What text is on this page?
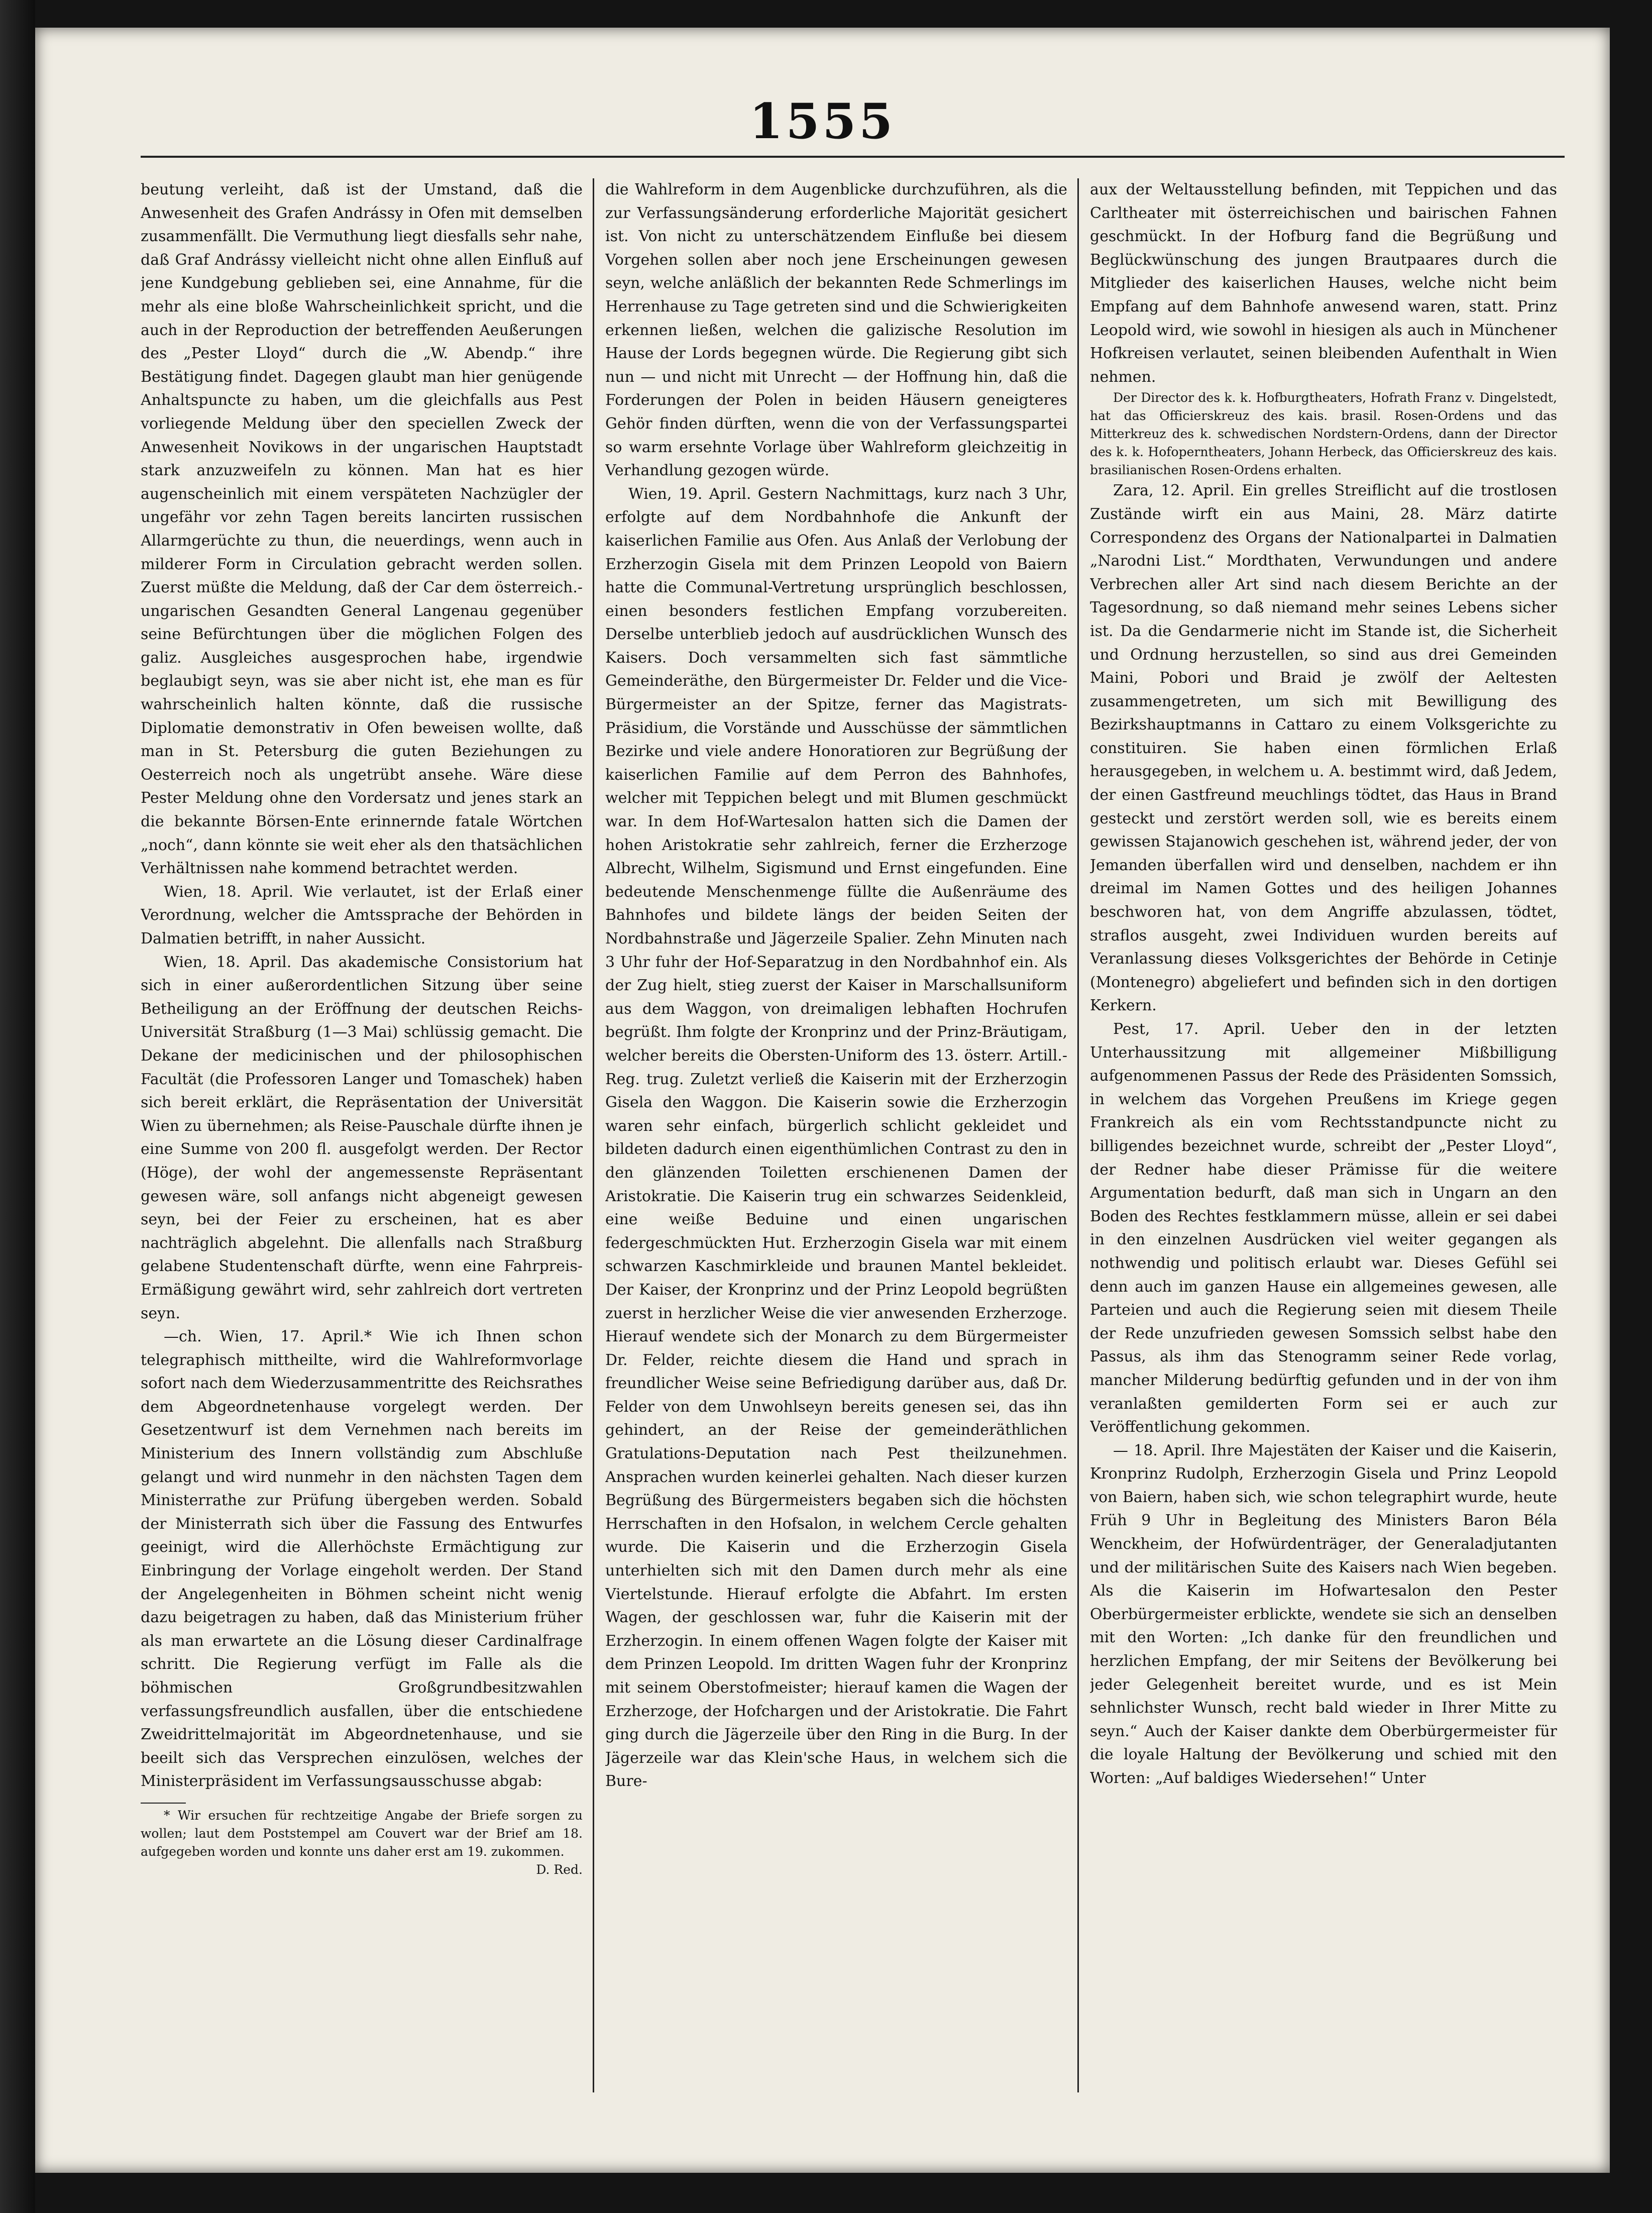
1555

beutung verleiht, daß ist der Umstand, daß die Anwesenheit des Grafen Andrássy in Ofen mit demselben zusammenfällt. Die Vermuthung liegt diesfalls sehr nahe, daß Graf Andrássy vielleicht nicht ohne allen Einfluß auf jene Kundgebung geblieben sei, eine Annahme, für die mehr als eine bloße Wahrscheinlichkeit spricht, und die auch in der Reproduction der betreffenden Aeußerungen des „Pester Lloyd“ durch die „W. Abendp.“ ihre Bestätigung findet. Dagegen glaubt man hier genügende Anhaltspuncte zu haben, um die gleichfalls aus Pest vorliegende Meldung über den speciellen Zweck der Anwesenheit Novikows in der ungarischen Hauptstadt stark anzuzweifeln zu können. Man hat es hier augenscheinlich mit einem verspäteten Nachzügler der ungefähr vor zehn Tagen bereits lancirten russischen Allarmgerüchte zu thun, die neuerdings, wenn auch in milderer Form in Circulation gebracht werden sollen. Zuerst müßte die Meldung, daß der Car dem österreich.-ungarischen Gesandten General Langenau gegenüber seine Befürchtungen über die möglichen Folgen des galiz. Ausgleiches ausgesprochen habe, irgendwie beglaubigt seyn, was sie aber nicht ist, ehe man es für wahrscheinlich halten könnte, daß die russische Diplomatie demonstrativ in Ofen beweisen wollte, daß man in St. Petersburg die guten Beziehungen zu Oesterreich noch als ungetrübt ansehe. Wäre diese Pester Meldung ohne den Vordersatz und jenes stark an die bekannte Börsen-Ente erinnernde fatale Wörtchen „noch“, dann könnte sie weit eher als den thatsächlichen Verhältnissen nahe kommend betrachtet werden.

Wien, 18. April. Wie verlautet, ist der Erlaß einer Verordnung, welcher die Amtssprache der Behörden in Dalmatien betrifft, in naher Aussicht.

Wien, 18. April. Das akademische Consistorium hat sich in einer außerordentlichen Sitzung über seine Betheiligung an der Eröffnung der deutschen Reichs-Universität Straßburg (1—3 Mai) schlüssig gemacht. Die Dekane der medicinischen und der philosophischen Facultät (die Professoren Langer und Tomaschek) haben sich bereit erklärt, die Repräsentation der Universität Wien zu übernehmen; als Reise-Pauschale dürfte ihnen je eine Summe von 200 fl. ausgefolgt werden. Der Rector (Höge), der wohl der angemessenste Repräsentant gewesen wäre, soll anfangs nicht abgeneigt gewesen seyn, bei der Feier zu erscheinen, hat es aber nachträglich abgelehnt. Die allenfalls nach Straßburg gelabene Studentenschaft dürfte, wenn eine Fahrpreis-Ermäßigung gewährt wird, sehr zahlreich dort vertreten seyn.

—ch. Wien, 17. April.* Wie ich Ihnen schon telegraphisch mittheilte, wird die Wahlreformvorlage sofort nach dem Wiederzusammentritte des Reichsrathes dem Abgeordnetenhause vorgelegt werden. Der Gesetzentwurf ist dem Vernehmen nach bereits im Ministerium des Innern vollständig zum Abschluße gelangt und wird nunmehr in den nächsten Tagen dem Ministerrathe zur Prüfung übergeben werden. Sobald der Ministerrath sich über die Fassung des Entwurfes geeinigt, wird die Allerhöchste Ermächtigung zur Einbringung der Vorlage eingeholt werden. Der Stand der Angelegenheiten in Böhmen scheint nicht wenig dazu beigetragen zu haben, daß das Ministerium früher als man erwartete an die Lösung dieser Cardinalfrage schritt. Die Regierung verfügt im Falle als die böhmischen Großgrundbesitzwahlen verfassungsfreundlich ausfallen, über die entschiedene Zweidrittelmajorität im Abgeordnetenhause, und sie beeilt sich das Versprechen einzulösen, welches der Ministerpräsident im Verfassungsausschusse abgab:

* Wir ersuchen für rechtzeitige Angabe der Briefe sorgen zu wollen; laut dem Poststempel am Couvert war der Brief am 18. aufgegeben worden und konnte uns daher erst am 19. zukommen.
D. Red.

die Wahlreform in dem Augenblicke durchzuführen, als die zur Verfassungsänderung erforderliche Majorität gesichert ist. Von nicht zu unterschätzendem Einfluße bei diesem Vorgehen sollen aber noch jene Erscheinungen gewesen seyn, welche anläßlich der bekannten Rede Schmerlings im Herrenhause zu Tage getreten sind und die Schwierigkeiten erkennen ließen, welchen die galizische Resolution im Hause der Lords begegnen würde. Die Regierung gibt sich nun — und nicht mit Unrecht — der Hoffnung hin, daß die Forderungen der Polen in beiden Häusern geneigteres Gehör finden dürften, wenn die von der Verfassungspartei so warm ersehnte Vorlage über Wahlreform gleichzeitig in Verhandlung gezogen würde.

Wien, 19. April. Gestern Nachmittags, kurz nach 3 Uhr, erfolgte auf dem Nordbahnhofe die Ankunft der kaiserlichen Familie aus Ofen. Aus Anlaß der Verlobung der Erzherzogin Gisela mit dem Prinzen Leopold von Baiern hatte die Communal-Vertretung ursprünglich beschlossen, einen besonders festlichen Empfang vorzubereiten. Derselbe unterblieb jedoch auf ausdrücklichen Wunsch des Kaisers. Doch versammelten sich fast sämmtliche Gemeinderäthe, den Bürgermeister Dr. Felder und die Vice-Bürgermeister an der Spitze, ferner das Magistrats-Präsidium, die Vorstände und Ausschüsse der sämmtlichen Bezirke und viele andere Honoratioren zur Begrüßung der kaiserlichen Familie auf dem Perron des Bahnhofes, welcher mit Teppichen belegt und mit Blumen geschmückt war. In dem Hof-Wartesalon hatten sich die Damen der hohen Aristokratie sehr zahlreich, ferner die Erzherzoge Albrecht, Wilhelm, Sigismund und Ernst eingefunden. Eine bedeutende Menschenmenge füllte die Außenräume des Bahnhofes und bildete längs der beiden Seiten der Nordbahnstraße und Jägerzeile Spalier. Zehn Minuten nach 3 Uhr fuhr der Hof-Separatzug in den Nordbahnhof ein. Als der Zug hielt, stieg zuerst der Kaiser in Marschallsuniform aus dem Waggon, von dreimaligen lebhaften Hochrufen begrüßt. Ihm folgte der Kronprinz und der Prinz-Bräutigam, welcher bereits die Obersten-Uniform des 13. österr. Artill.-Reg. trug. Zuletzt verließ die Kaiserin mit der Erzherzogin Gisela den Waggon. Die Kaiserin sowie die Erzherzogin waren sehr einfach, bürgerlich schlicht gekleidet und bildeten dadurch einen eigenthümlichen Contrast zu den in den glänzenden Toiletten erschienenen Damen der Aristokratie. Die Kaiserin trug ein schwarzes Seidenkleid, eine weiße Beduine und einen ungarischen federgeschmückten Hut. Erzherzogin Gisela war mit einem schwarzen Kaschmirkleide und braunen Mantel bekleidet. Der Kaiser, der Kronprinz und der Prinz Leopold begrüßten zuerst in herzlicher Weise die vier anwesenden Erzherzoge. Hierauf wendete sich der Monarch zu dem Bürgermeister Dr. Felder, reichte diesem die Hand und sprach in freundlicher Weise seine Befriedigung darüber aus, daß Dr. Felder von dem Unwohlseyn bereits genesen sei, das ihn gehindert, an der Reise der gemeinderäthlichen Gratulations-Deputation nach Pest theilzunehmen. Ansprachen wurden keinerlei gehalten. Nach dieser kurzen Begrüßung des Bürgermeisters begaben sich die höchsten Herrschaften in den Hofsalon, in welchem Cercle gehalten wurde. Die Kaiserin und die Erzherzogin Gisela unterhielten sich mit den Damen durch mehr als eine Viertelstunde. Hierauf erfolgte die Abfahrt. Im ersten Wagen, der geschlossen war, fuhr die Kaiserin mit der Erzherzogin. In einem offenen Wagen folgte der Kaiser mit dem Prinzen Leopold. Im dritten Wagen fuhr der Kronprinz mit seinem Oberstofmeister; hierauf kamen die Wagen der Erzherzoge, der Hofchargen und der Aristokratie. Die Fahrt ging durch die Jägerzeile über den Ring in die Burg. In der Jägerzeile war das Klein'sche Haus, in welchem sich die Bure-

aux der Weltausstellung befinden, mit Teppichen und das Carltheater mit österreichischen und bairischen Fahnen geschmückt. In der Hofburg fand die Begrüßung und Beglückwünschung des jungen Brautpaares durch die Mitglieder des kaiserlichen Hauses, welche nicht beim Empfang auf dem Bahnhofe anwesend waren, statt. Prinz Leopold wird, wie sowohl in hiesigen als auch in Münchener Hofkreisen verlautet, seinen bleibenden Aufenthalt in Wien nehmen.

Der Director des k. k. Hofburgtheaters, Hofrath Franz v. Dingelstedt, hat das Officierskreuz des kais. brasil. Rosen-Ordens und das Mitterkreuz des k. schwedischen Nordstern-Ordens, dann der Director des k. k. Hofoperntheaters, Johann Herbeck, das Officierskreuz des kais. brasilianischen Rosen-Ordens erhalten.

Zara, 12. April. Ein grelles Streiflicht auf die trostlosen Zustände wirft ein aus Maini, 28. März datirte Correspondenz des Organs der Nationalpartei in Dalmatien „Narodni List.“ Mordthaten, Verwundungen und andere Verbrechen aller Art sind nach diesem Berichte an der Tagesordnung, so daß niemand mehr seines Lebens sicher ist. Da die Gendarmerie nicht im Stande ist, die Sicherheit und Ordnung herzustellen, so sind aus drei Gemeinden Maini, Pobori und Braid je zwölf der Aeltesten zusammengetreten, um sich mit Bewilligung des Bezirkshauptmanns in Cattaro zu einem Volksgerichte zu constituiren. Sie haben einen förmlichen Erlaß herausgegeben, in welchem u. A. bestimmt wird, daß Jedem, der einen Gastfreund meuchlings tödtet, das Haus in Brand gesteckt und zerstört werden soll, wie es bereits einem gewissen Stajanowich geschehen ist, während jeder, der von Jemanden überfallen wird und denselben, nachdem er ihn dreimal im Namen Gottes und des heiligen Johannes beschworen hat, von dem Angriffe abzulassen, tödtet, straflos ausgeht, zwei Individuen wurden bereits auf Veranlassung dieses Volksgerichtes der Behörde in Cetinje (Montenegro) abgeliefert und befinden sich in den dortigen Kerkern.

Pest, 17. April. Ueber den in der letzten Unterhaussitzung mit allgemeiner Mißbilligung aufgenommenen Passus der Rede des Präsidenten Somssich, in welchem das Vorgehen Preußens im Kriege gegen Frankreich als ein vom Rechtsstandpuncte nicht zu billigendes bezeichnet wurde, schreibt der „Pester Lloyd“, der Redner habe dieser Prämisse für die weitere Argumentation bedurft, daß man sich in Ungarn an den Boden des Rechtes festklammern müsse, allein er sei dabei in den einzelnen Ausdrücken viel weiter gegangen als nothwendig und politisch erlaubt war. Dieses Gefühl sei denn auch im ganzen Hause ein allgemeines gewesen, alle Parteien und auch die Regierung seien mit diesem Theile der Rede unzufrieden gewesen Somssich selbst habe den Passus, als ihm das Stenogramm seiner Rede vorlag, mancher Milderung bedürftig gefunden und in der von ihm veranlaßten gemilderten Form sei er auch zur Veröffentlichung gekommen.

— 18. April. Ihre Majestäten der Kaiser und die Kaiserin, Kronprinz Rudolph, Erzherzogin Gisela und Prinz Leopold von Baiern, haben sich, wie schon telegraphirt wurde, heute Früh 9 Uhr in Begleitung des Ministers Baron Béla Wenckheim, der Hofwürdenträger, der Generaladjutanten und der militärischen Suite des Kaisers nach Wien begeben. Als die Kaiserin im Hofwartesalon den Pester Oberbürgermeister erblickte, wendete sie sich an denselben mit den Worten: „Ich danke für den freundlichen und herzlichen Empfang, der mir Seitens der Bevölkerung bei jeder Gelegenheit bereitet wurde, und es ist Mein sehnlichster Wunsch, recht bald wieder in Ihrer Mitte zu seyn.“ Auch der Kaiser dankte dem Oberbürgermeister für die loyale Haltung der Bevölkerung und schied mit den Worten: „Auf baldiges Wiedersehen!“ Unter
